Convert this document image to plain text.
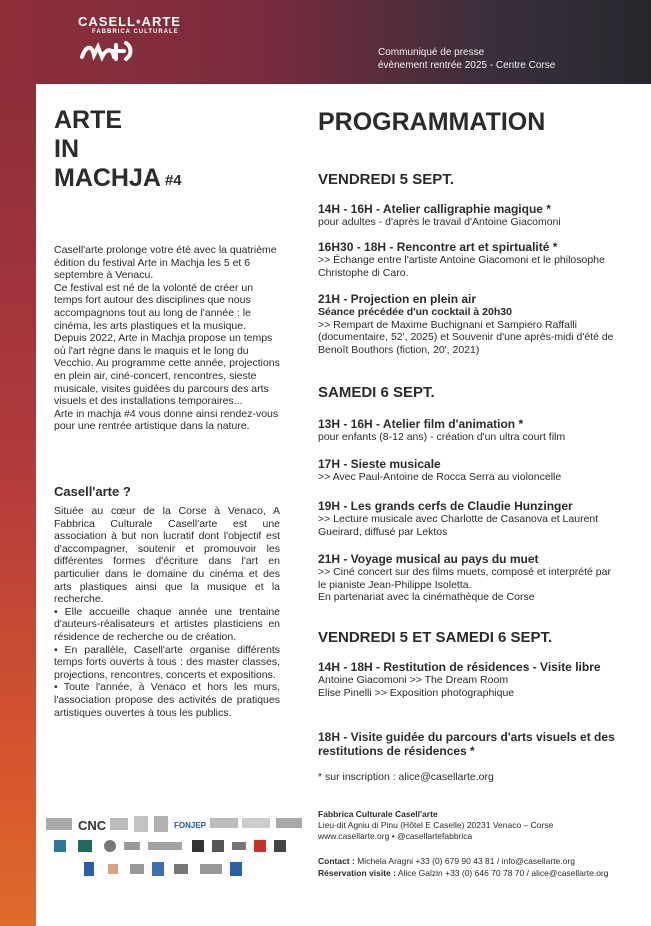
CASELL•ARTE
FABBRICA CULTURALE
Communiqué de presse
évènement rentrée 2025 - Centre Corse
ARTE
IN
MACHJA $^{\#4}$

Casell'arte prolonge votre été avec la quatrième édition du festival Arte in Machja les 5 et 6 septembre à Venacu.

Ce festival est né de la volonté de créer un temps fort autour des disciplines que nous accompagnons tout au long de l'année : le cinéma, les arts plastiques et la musique.

Depuis 2022, Arte in Machja propose un temps où l'art règne dans le maquis et le long du Vecchio. Au programme cette année, projections en plein air, ciné-concert, rencontres, sieste musicale, visites guidées du parcours des arts visuels et des installations temporaires...

Arte in machja #4 vous donne ainsi rendez-vous pour une rentrée artistique dans la nature.

Casell'arte ?

Située au cœur de la Corse à Venaco, A Fabbrica Culturale Casell'arte est une association à but non lucratif dont l'objectif est d'accompagner, soutenir et promouvoir les différentes formes d'écriture dans l'art en particulier dans le domaine du cinéma et des arts plastiques ainsi que la musique et la recherche.

• Elle accueille chaque année une trentaine d'auteurs-réalisateurs et artistes plasticiens en résidence de recherche ou de création.

• En parallèle, Casell'arte organise différents temps forts ouverts à tous : des master classes, projections, rencontres, concerts et expositions.

• Toute l'année, à Venaco et hors les murs, l'association propose des activités de pratiques artistiques ouvertes à tous les publics.

CNC	FONJEP
PROGRAMMATION
VENDREDI 5 SEPT.
14H - 16H - Atelier calligraphie magique *

pour adultes - d'après le travail d'Antoine Giacomoni

16H30 - 18H - Rencontre art et spirtualité *

>> Échange entre l'artiste Antoine Giacomoni et le philosophe Christophe di Caro.

21H - Projection en plein air
Séance précédée d'un cocktail à 20h30

>> Rempart de Maxime Buchignani et Sampiero Raffalli (documentaire, 52', 2025) et Souvenir d'une après-midi d'été de Benoît Bouthors (fiction, 20', 2021)

SAMEDI 6 SEPT.
13H - 16H - Atelier film d'animation *

pour enfants (8-12 ans) - création d'un ultra court film

17H - Sieste musicale

>> Avec Paul-Antoine de Rocca Serra au violoncelle

19H - Les grands cerfs de Claudie Hunzinger

>> Lecture musicale avec Charlotte de Casanova et Laurent Gueirard, diffusé par Lektos

21H - Voyage musical au pays du muet

>> Ciné concert sur des films muets, composé et interprété par le pianiste Jean-Philippe Isoletta.

En partenariat avec la cinémathèque de Corse

VENDREDI 5 ET SAMEDI 6 SEPT.
14H - 18H - Restitution de résidences - Visite libre

Antoine Giacomoni >> The Dream Room

Elise Pinelli >> Exposition photographique

18H - Visite guidée du parcours d'arts visuels et des restitutions de résidences *
* sur inscription : alice@casellarte.org
Fabbrica Culturale Casell'arte
Lieu-dit Agniu di Pinu (Hôtel E Caselle) 20231 Venaco – Corse
www.casellarte.org • @casellartefabbrica
Contact : Michela Aragni +33 (0) 679 90 43 81 / info@casellarte.org
Réservation visite : Alice Galzin +33 (0) 646 70 78 70 / alice@casellarte.org
